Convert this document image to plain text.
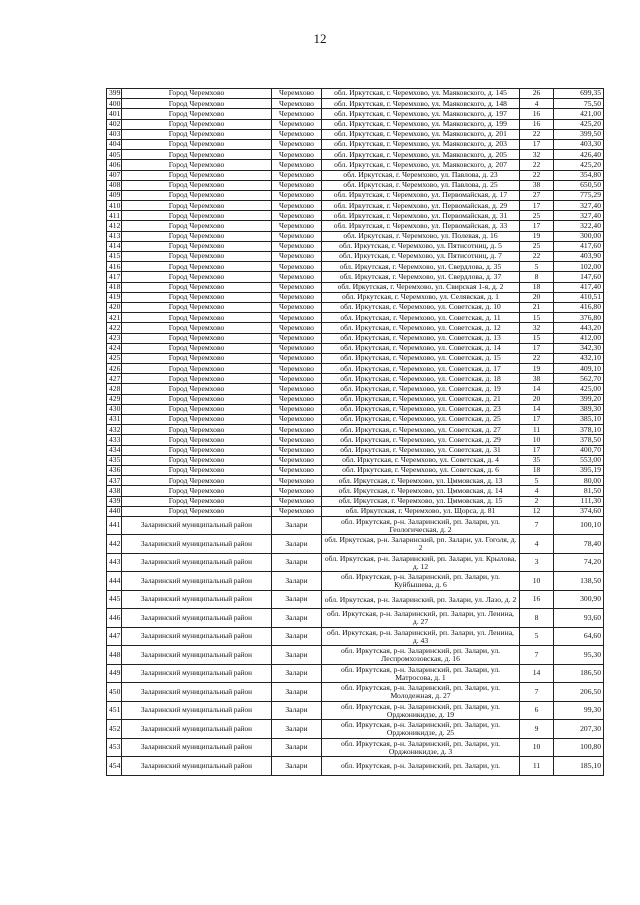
12
399	Город Черемхово	Черемхово	обл. Иркутская, г. Черемхово, ул. Маяковского, д. 145	26	699,35
400	Город Черемхово	Черемхово	обл. Иркутская, г. Черемхово, ул. Маяковского, д. 148	4	75,50
401	Город Черемхово	Черемхово	обл. Иркутская, г. Черемхово, ул. Маяковского, д. 197	16	421,00
402	Город Черемхово	Черемхово	обл. Иркутская, г. Черемхово, ул. Маяковского, д. 199	16	425,20
403	Город Черемхово	Черемхово	обл. Иркутская, г. Черемхово, ул. Маяковского, д. 201	22	399,50
404	Город Черемхово	Черемхово	обл. Иркутская, г. Черемхово, ул. Маяковского, д. 203	17	403,30
405	Город Черемхово	Черемхово	обл. Иркутская, г. Черемхово, ул. Маяковского, д. 205	32	426,40
406	Город Черемхово	Черемхово	обл. Иркутская, г. Черемхово, ул. Маяковского, д. 207	22	425,20
407	Город Черемхово	Черемхово	обл. Иркутская, г. Черемхово, ул. Павлова, д. 23	22	354,80
408	Город Черемхово	Черемхово	обл. Иркутская, г. Черемхово, ул. Павлова, д. 25	38	650,50
409	Город Черемхово	Черемхово	обл. Иркутская, г. Черемхово, ул. Первомайская, д. 17	27	775,29
410	Город Черемхово	Черемхово	обл. Иркутская, г. Черемхово, ул. Первомайская, д. 29	17	327,40
411	Город Черемхово	Черемхово	обл. Иркутская, г. Черемхово, ул. Первомайская, д. 31	25	327,40
412	Город Черемхово	Черемхово	обл. Иркутская, г. Черемхово, ул. Первомайская, д. 33	17	322,40
413	Город Черемхово	Черемхово	обл. Иркутская, г. Черемхово, ул. Полевая, д. 16	19	300,00
414	Город Черемхово	Черемхово	обл. Иркутская, г. Черемхово, ул. Пятисотниц, д. 5	25	417,60
415	Город Черемхово	Черемхово	обл. Иркутская, г. Черемхово, ул. Пятисотниц, д. 7	22	403,90
416	Город Черемхово	Черемхово	обл. Иркутская, г. Черемхово, ул. Свердлова, д. 35	5	102,00
417	Город Черемхово	Черемхово	обл. Иркутская, г. Черемхово, ул. Свердлова, д. 37	8	147,60
418	Город Черемхово	Черемхово	обл. Иркутская, г. Черемхово, ул. Свирская 1-я, д. 2	18	417,40
419	Город Черемхово	Черемхово	обл. Иркутская, г. Черемхово, ул. Селявская, д. 1	20	410,51
420	Город Черемхово	Черемхово	обл. Иркутская, г. Черемхово, ул. Советская, д. 10	21	416,80
421	Город Черемхово	Черемхово	обл. Иркутская, г. Черемхово, ул. Советская, д. 11	15	376,80
422	Город Черемхово	Черемхово	обл. Иркутская, г. Черемхово, ул. Советская, д. 12	32	443,20
423	Город Черемхово	Черемхово	обл. Иркутская, г. Черемхово, ул. Советская, д. 13	15	412,00
424	Город Черемхово	Черемхово	обл. Иркутская, г. Черемхово, ул. Советская, д. 14	17	342,30
425	Город Черемхово	Черемхово	обл. Иркутская, г. Черемхово, ул. Советская, д. 15	22	432,10
426	Город Черемхово	Черемхово	обл. Иркутская, г. Черемхово, ул. Советская, д. 17	19	409,10
427	Город Черемхово	Черемхово	обл. Иркутская, г. Черемхово, ул. Советская, д. 18	38	562,70
428	Город Черемхово	Черемхово	обл. Иркутская, г. Черемхово, ул. Советская, д. 19	14	425,00
429	Город Черемхово	Черемхово	обл. Иркутская, г. Черемхово, ул. Советская, д. 21	20	399,20
430	Город Черемхово	Черемхово	обл. Иркутская, г. Черемхово, ул. Советская, д. 23	14	389,30
431	Город Черемхово	Черемхово	обл. Иркутская, г. Черемхово, ул. Советская, д. 25	17	385,10
432	Город Черемхово	Черемхово	обл. Иркутская, г. Черемхово, ул. Советская, д. 27	11	378,10
433	Город Черемхово	Черемхово	обл. Иркутская, г. Черемхово, ул. Советская, д. 29	10	378,50
434	Город Черемхово	Черемхово	обл. Иркутская, г. Черемхово, ул. Советская, д. 31	17	400,70
435	Город Черемхово	Черемхово	обл. Иркутская, г. Черемхово, ул. Советская, д. 4	35	553,00
436	Город Черемхово	Черемхово	обл. Иркутская, г. Черемхово, ул. Советская, д. 6	18	395,19
437	Город Черемхово	Черемхово	обл. Иркутская, г. Черемхово, ул. Цммовская, д. 13	5	80,00
438	Город Черемхово	Черемхово	обл. Иркутская, г. Черемхово, ул. Цммовская, д. 14	4	81,50
439	Город Черемхово	Черемхово	обл. Иркутская, г. Черемхово, ул. Цммовская, д. 15	2	111,30
440	Город Черемхово	Черемхово	обл. Иркутская, г. Черемхово, ул. Щорса, д. 81	12	374,60
441	Заларинский муниципальный район	Залари	обл. Иркутская, р-н. Заларинский, рп. Залари, ул. Геологическая, д. 2	7	100,10
442	Заларинский муниципальный район	Залари	обл. Иркутская, р-н. Заларинский, рп. Залари, ул. Гоголя, д. 2	4	78,40
443	Заларинский муниципальный район	Залари	обл. Иркутская, р-н. Заларинский, рп. Залари, ул. Крылова, д. 12	3	74,20
444	Заларинский муниципальный район	Залари	обл. Иркутская, р-н. Заларинский, рп. Залари, ул. Куйбышева, д. 6	10	138,50
445	Заларинский муниципальный район	Залари	обл. Иркутская, р-н. Заларинский, рп. Залари, ул. Лазо, д. 2	16	300,90
446	Заларинский муниципальный район	Залари	обл. Иркутская, р-н. Заларинский, рп. Залари, ул. Ленина, д. 27	8	93,60
447	Заларинский муниципальный район	Залари	обл. Иркутская, р-н. Заларинский, рп. Залари, ул. Ленина, д. 43	5	64,60
448	Заларинский муниципальный район	Залари	обл. Иркутская, р-н. Заларинский, рп. Залари, ул. Леспромхозовская, д. 16	7	95,30
449	Заларинский муниципальный район	Залари	обл. Иркутская, р-н. Заларинский, рп. Залари, ул. Матросова, д. 1	14	186,50
450	Заларинский муниципальный район	Залари	обл. Иркутская, р-н. Заларинский, рп. Залари, ул. Молодежная, д. 27	7	206,50
451	Заларинский муниципальный район	Залари	обл. Иркутская, р-н. Заларинский, рп. Залари, ул. Орджоникидзе, д. 19	6	99,30
452	Заларинский муниципальный район	Залари	обл. Иркутская, р-н. Заларинский, рп. Залари, ул. Орджоникидзе, д. 25	9	207,30
453	Заларинский муниципальный район	Залари	обл. Иркутская, р-н. Заларинский, рп. Залари, ул. Орджоникидзе, д. 3	10	100,80
454	Заларинский муниципальный район	Залари	обл. Иркутская, р-н. Заларинский, рп. Залари, ул.	11	185,10
